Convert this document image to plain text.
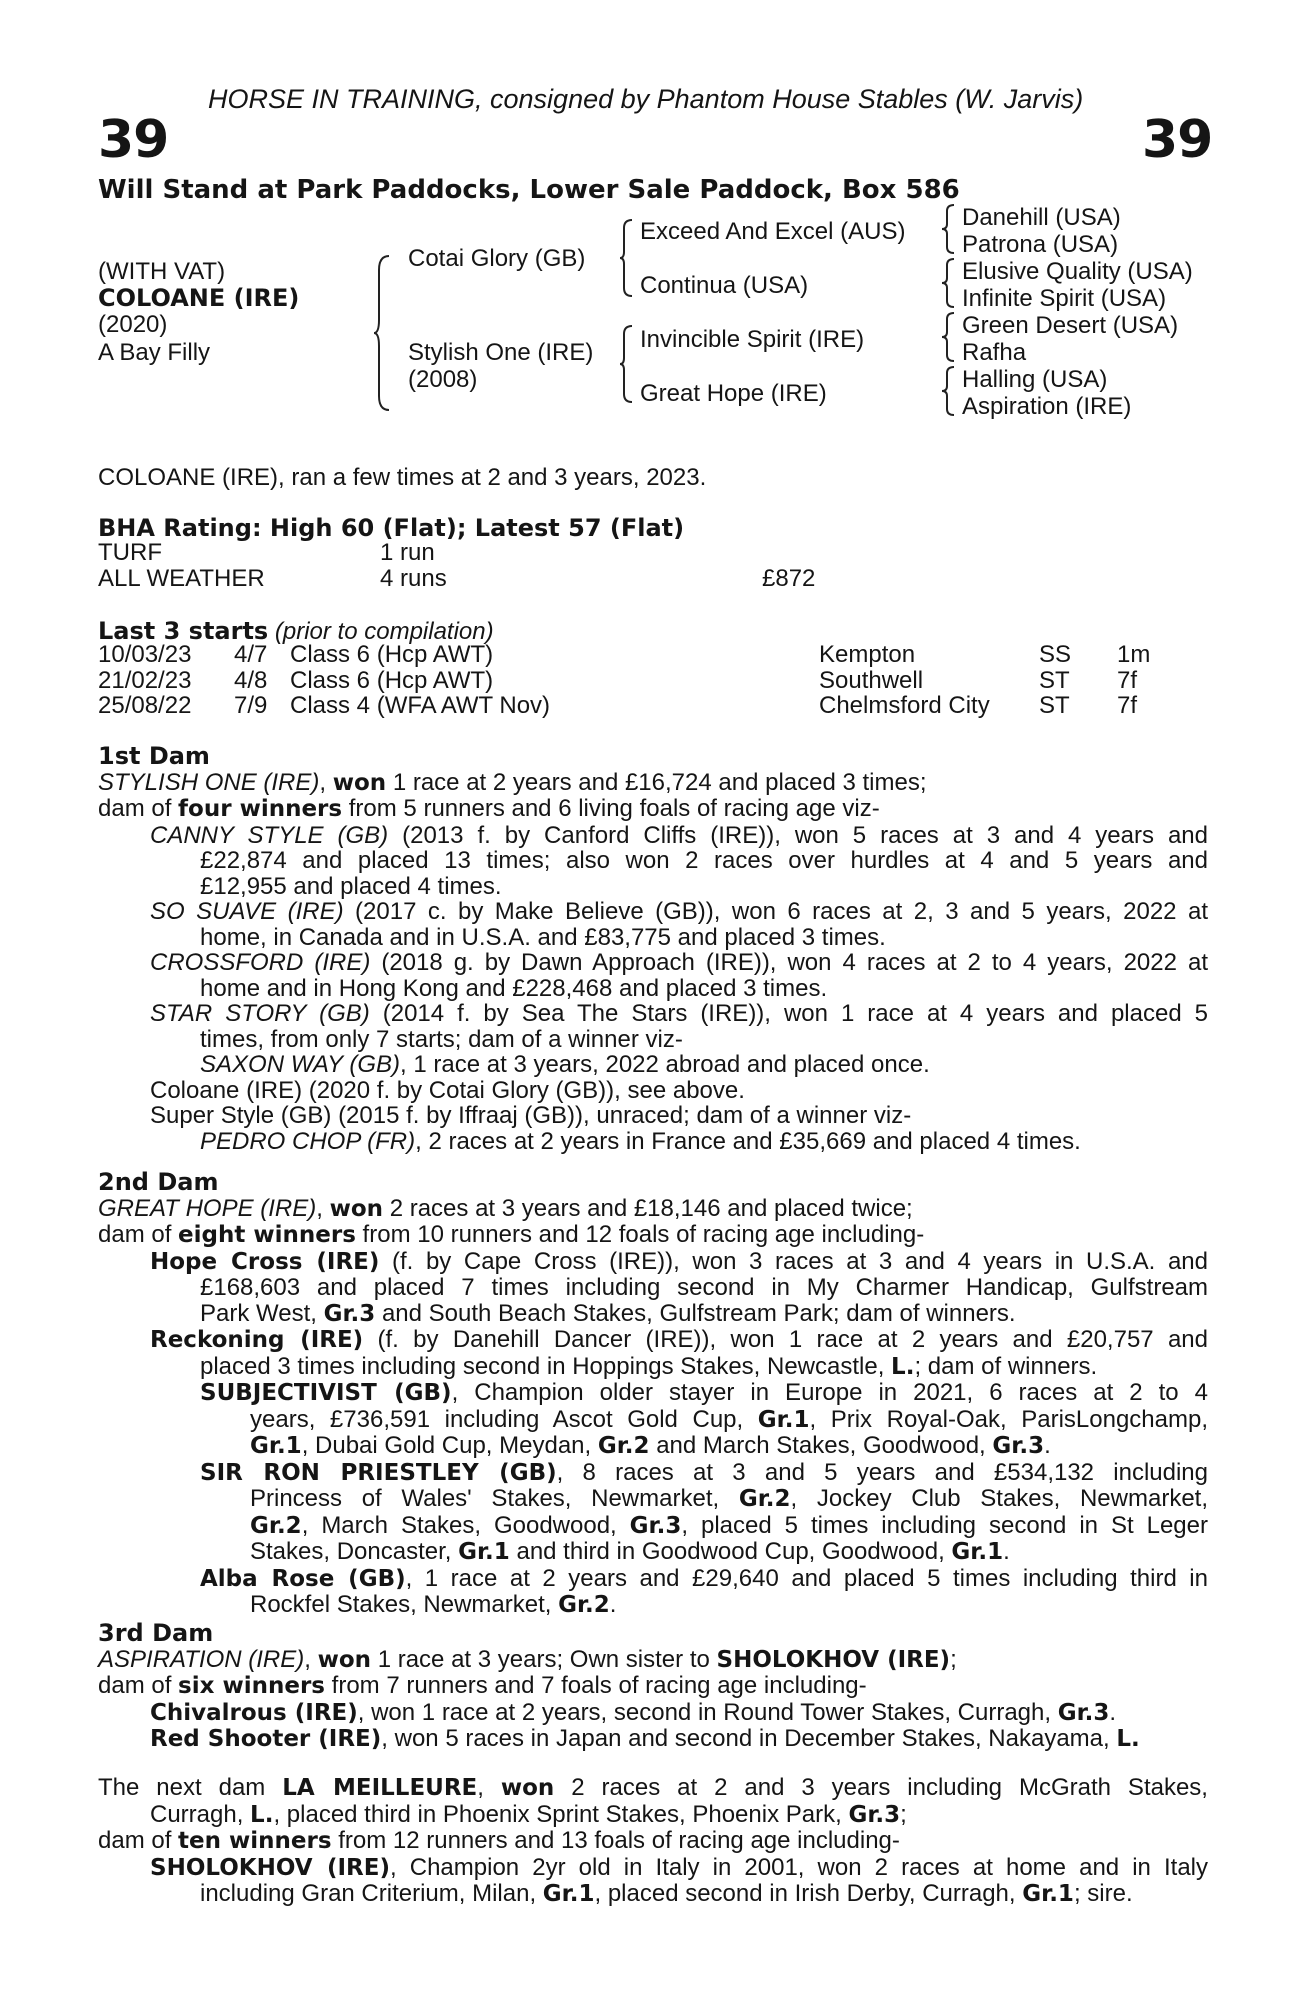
HORSE IN TRAINING, consigned by Phantom House Stables (W. Jarvis)
39	39
Will Stand at Park Paddocks, Lower Sale Paddock, Box 586
(WITH VAT)
COLOANE (IRE)
(2020)
A Bay Filly
Cotai Glory (GB)
Stylish One (IRE)
(2008)
Exceed And Excel (AUS)
Continua (USA)
Invincible Spirit (IRE)
Great Hope (IRE)
Danehill (USA)
Patrona (USA)
Elusive Quality (USA)
Infinite Spirit (USA)
Green Desert (USA)
Rafha
Halling (USA)
Aspiration (IRE)
COLOANE (IRE), ran a few times at 2 and 3 years, 2023.
BHA Rating: High 60 (Flat); Latest 57 (Flat)
TURF	1 run
ALL WEATHER	4 runs	£872
Last 3 starts (prior to compilation)
10/03/23 4/7 Class 6 (Hcp AWT)	Kempton	SS 1m
21/02/23 4/8 Class 6 (Hcp AWT)	Southwell	ST 7f
25/08/22 7/9 Class 4 (WFA AWT Nov)	Chelmsford City ST 7f
1st Dam
STYLISH ONE (IRE), won 1 race at 2 years and £16,724 and placed 3 times;
dam of four winners from 5 runners and 6 living foals of racing age viz-
CANNY STYLE (GB) (2013 f. by Canford Cliffs (IRE)), won 5 races at 3 and 4 years and
£22,874 and placed 13 times; also won 2 races over hurdles at 4 and 5 years and
£12,955 and placed 4 times.
SO SUAVE (IRE) (2017 c. by Make Believe (GB)), won 6 races at 2, 3 and 5 years, 2022 at
home, in Canada and in U.S.A. and £83,775 and placed 3 times.
CROSSFORD (IRE) (2018 g. by Dawn Approach (IRE)), won 4 races at 2 to 4 years, 2022 at
home and in Hong Kong and £228,468 and placed 3 times.
STAR STORY (GB) (2014 f. by Sea The Stars (IRE)), won 1 race at 4 years and placed 5
times, from only 7 starts; dam of a winner viz-
SAXON WAY (GB), 1 race at 3 years, 2022 abroad and placed once.
Coloane (IRE) (2020 f. by Cotai Glory (GB)), see above.
Super Style (GB) (2015 f. by Iffraaj (GB)), unraced; dam of a winner viz-
PEDRO CHOP (FR), 2 races at 2 years in France and £35,669 and placed 4 times.
2nd Dam
GREAT HOPE (IRE), won 2 races at 3 years and £18,146 and placed twice;
dam of eight winners from 10 runners and 12 foals of racing age including-
Hope Cross (IRE) (f. by Cape Cross (IRE)), won 3 races at 3 and 4 years in U.S.A. and
£168,603 and placed 7 times including second in My Charmer Handicap, Gulfstream
Park West, Gr.3 and South Beach Stakes, Gulfstream Park; dam of winners.
Reckoning (IRE) (f. by Danehill Dancer (IRE)), won 1 race at 2 years and £20,757 and
placed 3 times including second in Hoppings Stakes, Newcastle, L.; dam of winners.
SUBJECTIVIST (GB), Champion older stayer in Europe in 2021, 6 races at 2 to 4
years, £736,591 including Ascot Gold Cup, Gr.1, Prix Royal-Oak, ParisLongchamp,
Gr.1, Dubai Gold Cup, Meydan, Gr.2 and March Stakes, Goodwood, Gr.3.
SIR RON PRIESTLEY (GB), 8 races at 3 and 5 years and £534,132 including
Princess of Wales' Stakes, Newmarket, Gr.2, Jockey Club Stakes, Newmarket,
Gr.2, March Stakes, Goodwood, Gr.3, placed 5 times including second in St Leger
Stakes, Doncaster, Gr.1 and third in Goodwood Cup, Goodwood, Gr.1.
Alba Rose (GB), 1 race at 2 years and £29,640 and placed 5 times including third in
Rockfel Stakes, Newmarket, Gr.2.
3rd Dam
ASPIRATION (IRE), won 1 race at 3 years; Own sister to SHOLOKHOV (IRE);
dam of six winners from 7 runners and 7 foals of racing age including-
Chivalrous (IRE), won 1 race at 2 years, second in Round Tower Stakes, Curragh, Gr.3.
Red Shooter (IRE), won 5 races in Japan and second in December Stakes, Nakayama, L.
The next dam LA MEILLEURE, won 2 races at 2 and 3 years including McGrath Stakes,
Curragh, L., placed third in Phoenix Sprint Stakes, Phoenix Park, Gr.3;
dam of ten winners from 12 runners and 13 foals of racing age including-
SHOLOKHOV (IRE), Champion 2yr old in Italy in 2001, won 2 races at home and in Italy
including Gran Criterium, Milan, Gr.1, placed second in Irish Derby, Curragh, Gr.1; sire.
